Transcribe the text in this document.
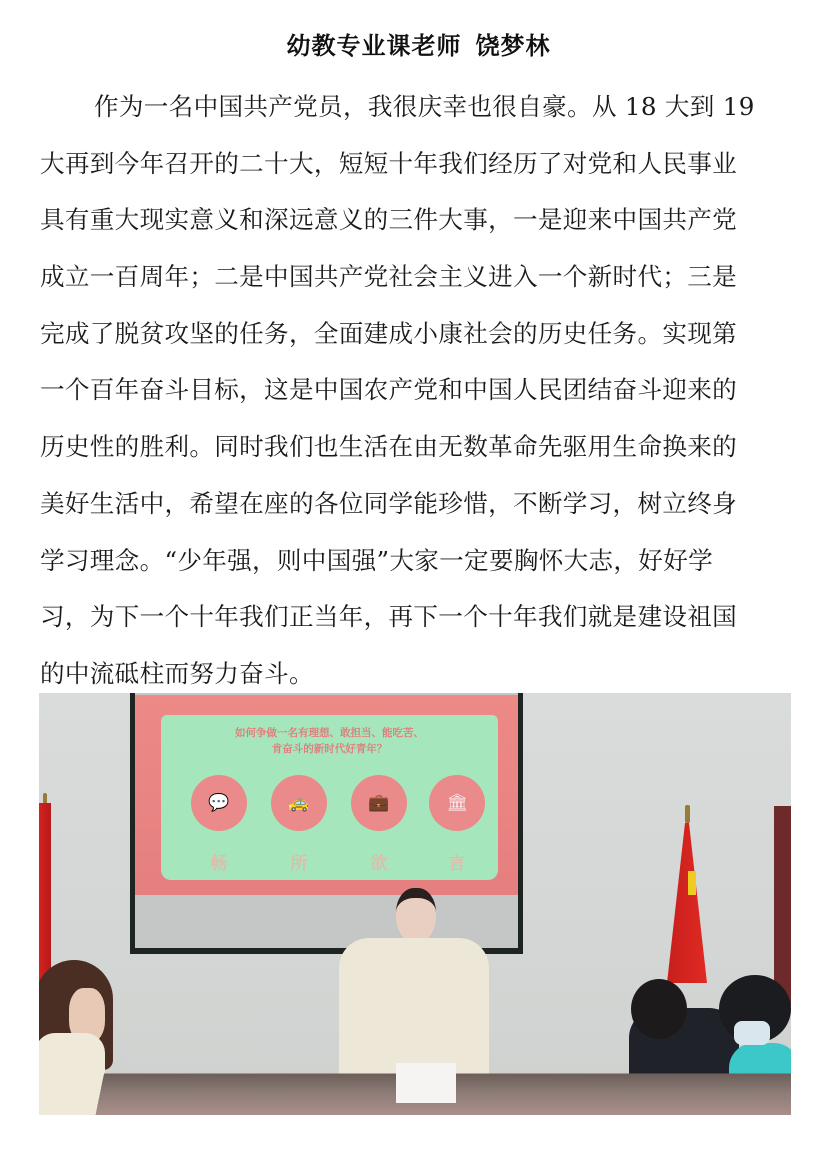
幼教专业课老师 饶梦林
作为一名中国共产党员，我很庆幸也很自豪。从 18 大到 19
大再到今年召开的二十大，短短十年我们经历了对党和人民事业
具有重大现实意义和深远意义的三件大事，一是迎来中国共产党
成立一百周年；二是中国共产党社会主义进入一个新时代；三是
完成了脱贫攻坚的任务，全面建成小康社会的历史任务。实现第
一个百年奋斗目标，这是中国农产党和中国人民团结奋斗迎来的
历史性的胜利。同时我们也生活在由无数革命先驱用生命换来的
美好生活中，希望在座的各位同学能珍惜，不断学习，树立终身
学习理念。“少年强，则中国强”大家一定要胸怀大志，好好学
习，为下一个十年我们正当年，再下一个十年我们就是建设祖国
的中流砥柱而努力奋斗。
如何争做一名有理想、敢担当、能吃苦、
肯奋斗的新时代好青年？
💬	🚕	💼	🏛
畅	所	欲	言
